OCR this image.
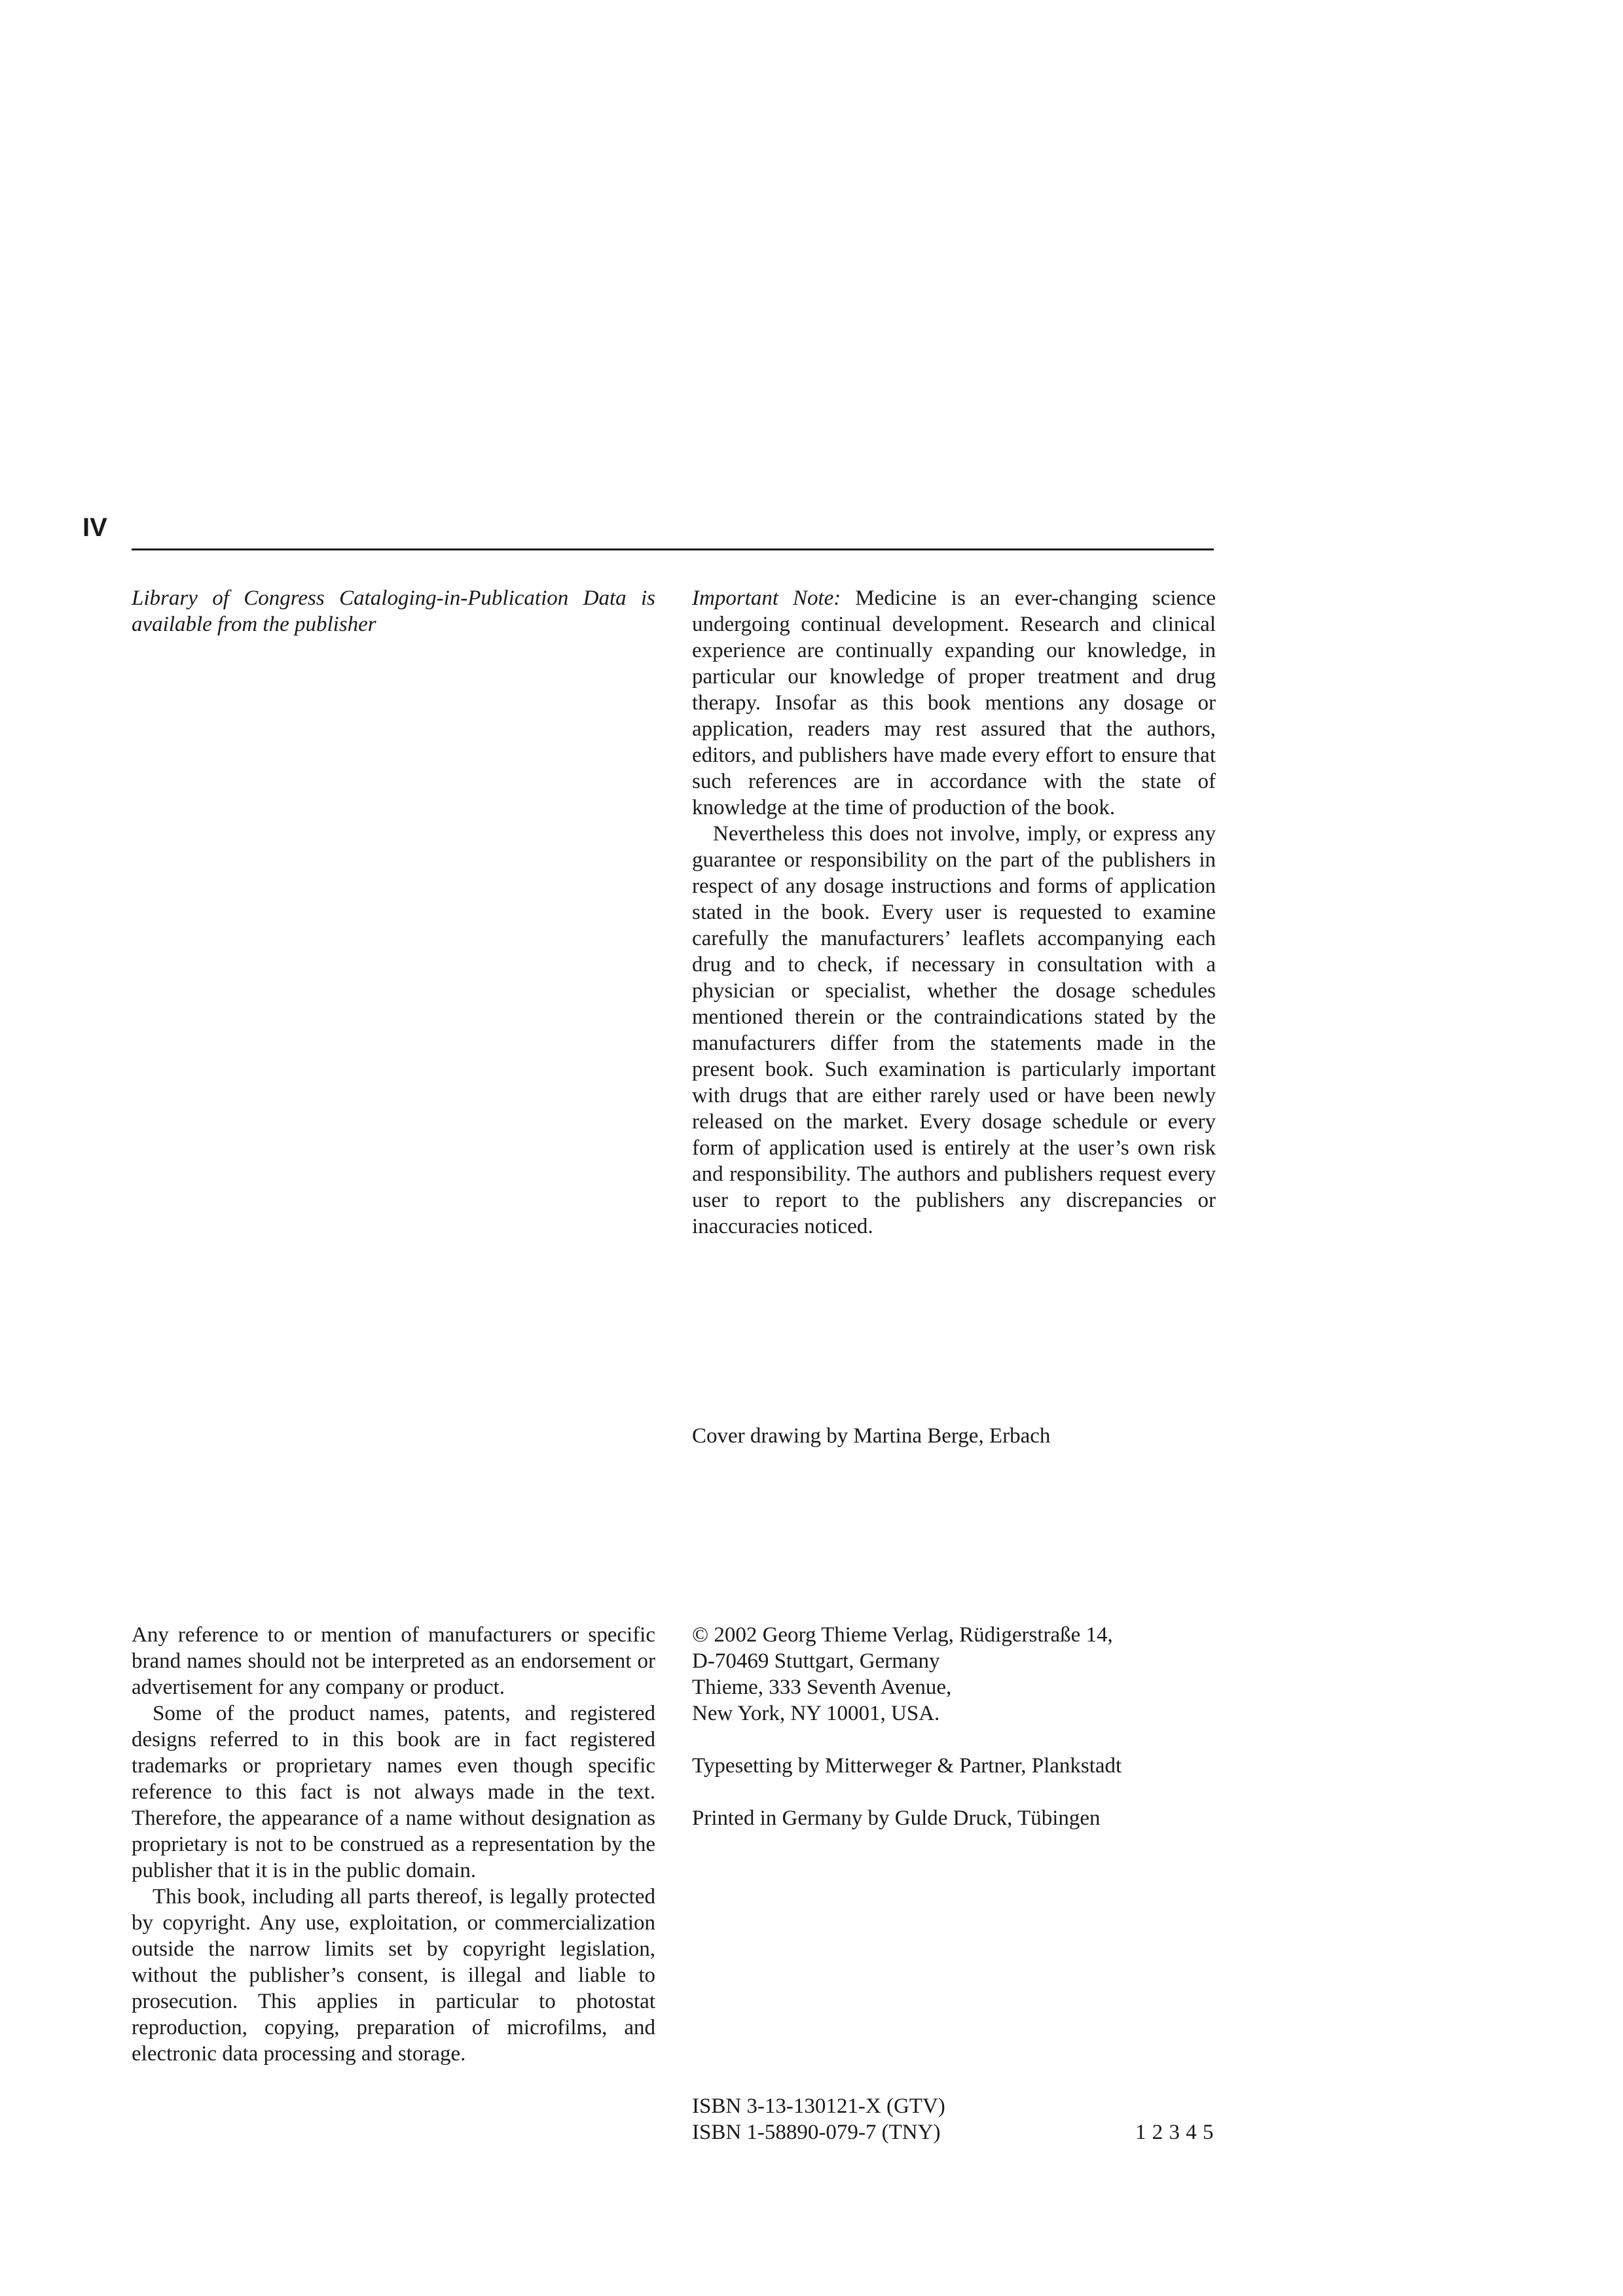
IV
Library of Congress Cataloging-in-Publication Data is available from the publisher

Important Note: Medicine is an ever-changing science undergoing continual development. Research and clinical experience are continually expanding our knowledge, in particular our knowledge of proper treatment and drug therapy. Insofar as this book mentions any dosage or application, readers may rest assured that the authors, editors, and publishers have made every effort to ensure that such references are in accordance with the state of knowledge at the time of production of the book.

Nevertheless this does not involve, imply, or express any guarantee or responsibility on the part of the publishers in respect of any dosage instructions and forms of application stated in the book. Every user is requested to examine carefully the manufacturers’ leaflets accompanying each drug and to check, if necessary in consultation with a physician or specialist, whether the dosage schedules mentioned therein or the contraindications stated by the manufacturers differ from the statements made in the present book. Such examination is particularly important with drugs that are either rarely used or have been newly released on the market. Every dosage schedule or every form of application used is entirely at the user’s own risk and responsibility. The authors and publishers request every user to report to the publishers any discrepancies or inaccuracies noticed.

Cover drawing by Martina Berge, Erbach

Any reference to or mention of manufacturers or specific brand names should not be interpreted as an endorsement or advertisement for any company or product.

Some of the product names, patents, and registered designs referred to in this book are in fact registered trademarks or proprietary names even though specific reference to this fact is not always made in the text. Therefore, the appearance of a name without designation as proprietary is not to be construed as a representation by the publisher that it is in the public domain.

This book, including all parts thereof, is legally protected by copyright. Any use, exploitation, or commercialization outside the narrow limits set by copyright legislation, without the publisher’s consent, is illegal and liable to prosecution. This applies in particular to photostat reproduction, copying, preparation of microfilms, and electronic data processing and storage.

© 2002 Georg Thieme Verlag, Rüdigerstraße 14,

D-70469 Stuttgart, Germany

Thieme, 333 Seventh Avenue,

New York, NY 10001, USA.

Typesetting by Mitterweger & Partner, Plankstadt

Printed in Germany by Gulde Druck, Tübingen

ISBN 3-13-130121-X (GTV)
ISBN 1-58890-079-7 (TNY)	1 2 3 4 5
